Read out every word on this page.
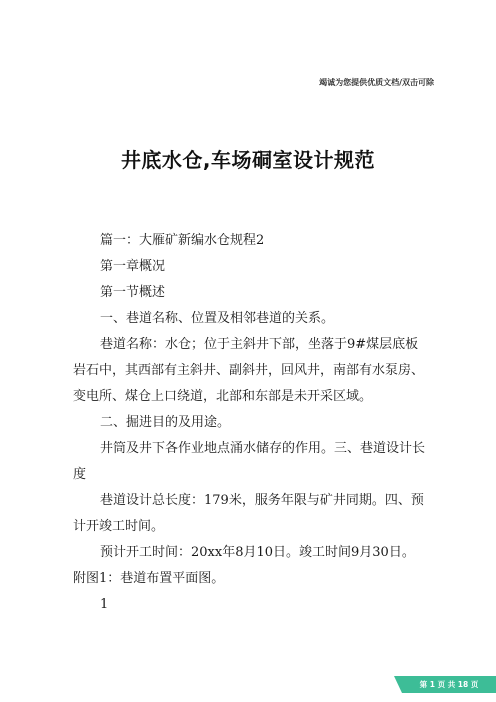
竭诚为您提供优质文档/双击可除
井底水仓,车场硐室设计规范

篇一：大雁矿新编水仓规程2

第一章概况

第一节概述

一、巷道名称、位置及相邻巷道的关系。

巷道名称：水仓；位于主斜井下部，坐落于9#煤层底板岩石中，其西部有主斜井、副斜井，回风井，南部有水泵房、变电所、煤仓上口绕道，北部和东部是未开采区域。

二、掘进目的及用途。

井筒及井下各作业地点涌水储存的作用。三、巷道设计长度

巷道设计总长度：179米，服务年限与矿井同期。四、预计开竣工时间。

预计开工时间：20xx年8月10日。竣工时间9月30日。附图1：巷道布置平面图。

1

第 1 页 共 18 页
